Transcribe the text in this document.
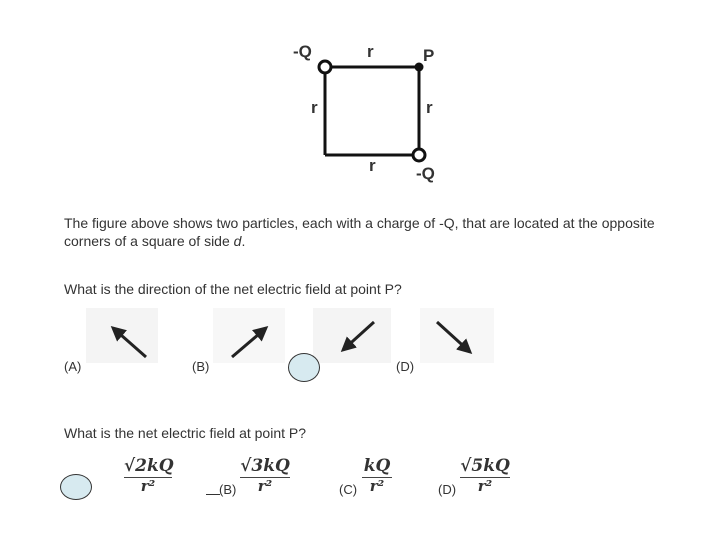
-Q	r	P
r	r
r -Q
The figure above shows two particles, each with a charge of -Q, that are located at the opposite
corners of a square of side d.
What is the direction of the net electric field at point P?
(A)	(B)	(D)
What is the net electric field at point P?
√2kQ
r²	(B)
√3kQ
r²	(C)
kQ
r²	(D)
√5kQ
r²
